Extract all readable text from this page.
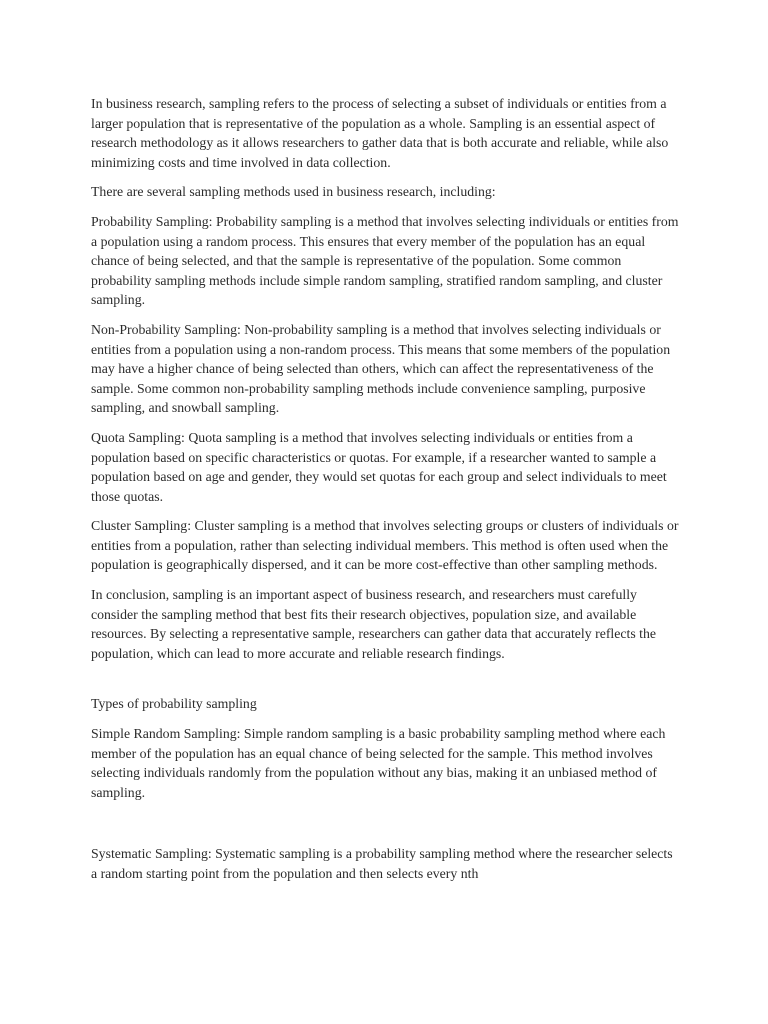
In business research, sampling refers to the process of selecting a subset of individuals or entities from a larger population that is representative of the population as a whole. Sampling is an essential aspect of research methodology as it allows researchers to gather data that is both accurate and reliable, while also minimizing costs and time involved in data collection.

There are several sampling methods used in business research, including:

Probability Sampling: Probability sampling is a method that involves selecting individuals or entities from a population using a random process. This ensures that every member of the population has an equal chance of being selected, and that the sample is representative of the population. Some common probability sampling methods include simple random sampling, stratified random sampling, and cluster sampling.

Non-Probability Sampling: Non-probability sampling is a method that involves selecting individuals or entities from a population using a non-random process. This means that some members of the population may have a higher chance of being selected than others, which can affect the representativeness of the sample. Some common non-probability sampling methods include convenience sampling, purposive sampling, and snowball sampling.

Quota Sampling: Quota sampling is a method that involves selecting individuals or entities from a population based on specific characteristics or quotas. For example, if a researcher wanted to sample a population based on age and gender, they would set quotas for each group and select individuals to meet those quotas.

Cluster Sampling: Cluster sampling is a method that involves selecting groups or clusters of individuals or entities from a population, rather than selecting individual members. This method is often used when the population is geographically dispersed, and it can be more cost-effective than other sampling methods.

In conclusion, sampling is an important aspect of business research, and researchers must carefully consider the sampling method that best fits their research objectives, population size, and available resources. By selecting a representative sample, researchers can gather data that accurately reflects the population, which can lead to more accurate and reliable research findings.

Types of probability sampling

Simple Random Sampling: Simple random sampling is a basic probability sampling method where each member of the population has an equal chance of being selected for the sample. This method involves selecting individuals randomly from the population without any bias, making it an unbiased method of sampling.

Systematic Sampling: Systematic sampling is a probability sampling method where the researcher selects a random starting point from the population and then selects every nth
